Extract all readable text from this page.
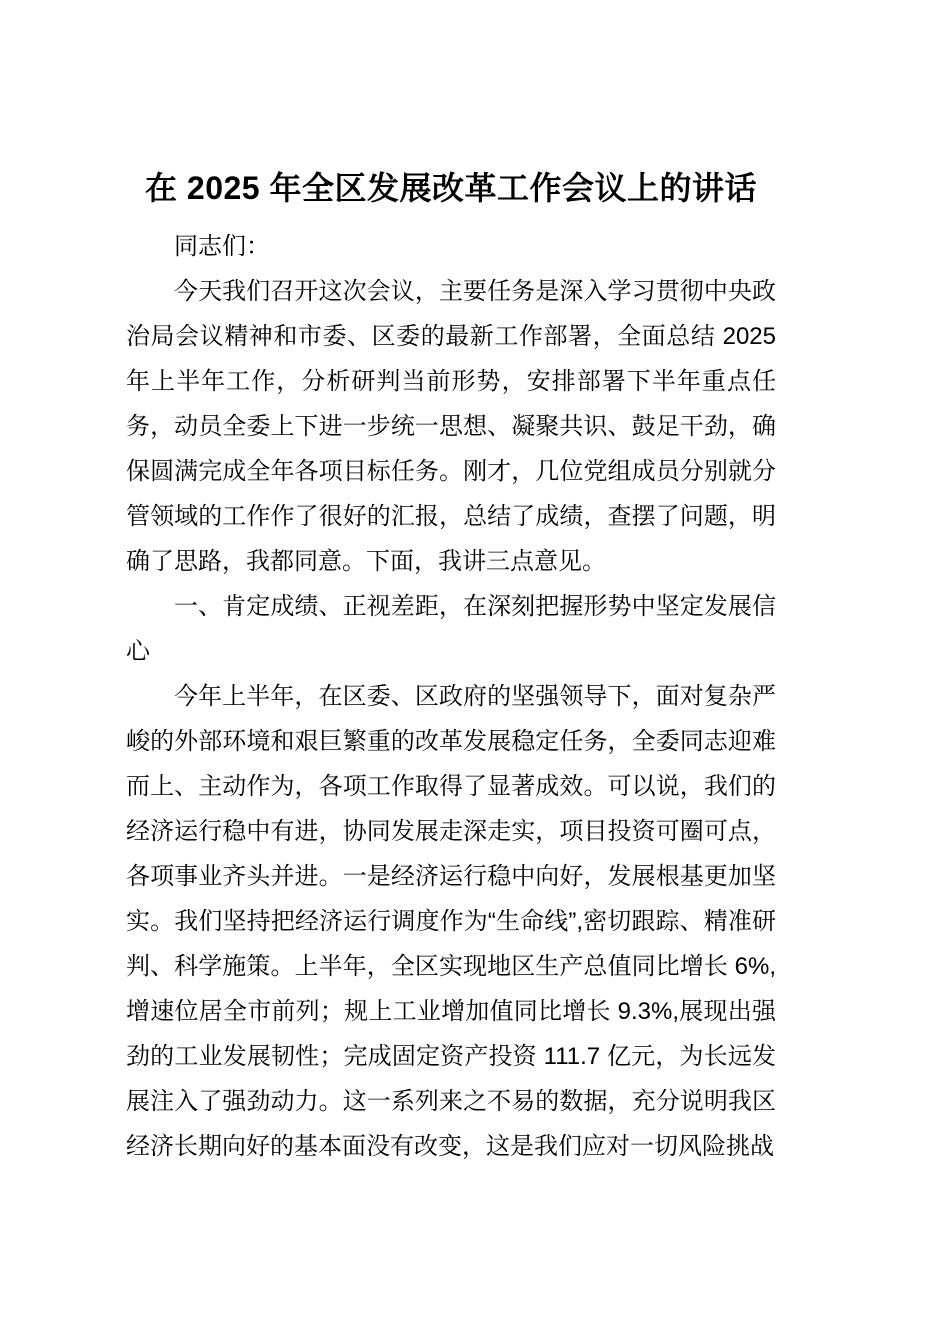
在 2025 年全区发展改革工作会议上的讲话

同志们：

今天我们召开这次会议，主要任务是深入学习贯彻中央政治局会议精神和市委、区委的最新工作部署，全面总结 2025 年上半年工作，分析研判当前形势，安排部署下半年重点任务，动员全委上下进一步统一思想、凝聚共识、鼓足干劲，确保圆满完成全年各项目标任务。刚才，几位党组成员分别就分管领域的工作作了很好的汇报，总结了成绩，查摆了问题，明确了思路，我都同意。下面，我讲三点意见。

一、肯定成绩、正视差距，在深刻把握形势中坚定发展信心

今年上半年，在区委、区政府的坚强领导下，面对复杂严峻的外部环境和艰巨繁重的改革发展稳定任务，全委同志迎难而上、主动作为，各项工作取得了显著成效。可以说，我们的经济运行稳中有进，协同发展走深走实，项目投资可圈可点，各项事业齐头并进。一是经济运行稳中向好，发展根基更加坚实。我们坚持把经济运行调度作为“生命线”,密切跟踪、精准研判、科学施策。上半年，全区实现地区生产总值同比增长 6%,增速位居全市前列；规上工业增加值同比增长 9.3%,展现出强劲的工业发展韧性；完成固定资产投资 111.7 亿元，为长远发展注入了强劲动力。这一系列来之不易的数据，充分说明我区经济长期向好的基本面没有改变，这是我们应对一切风险挑战
